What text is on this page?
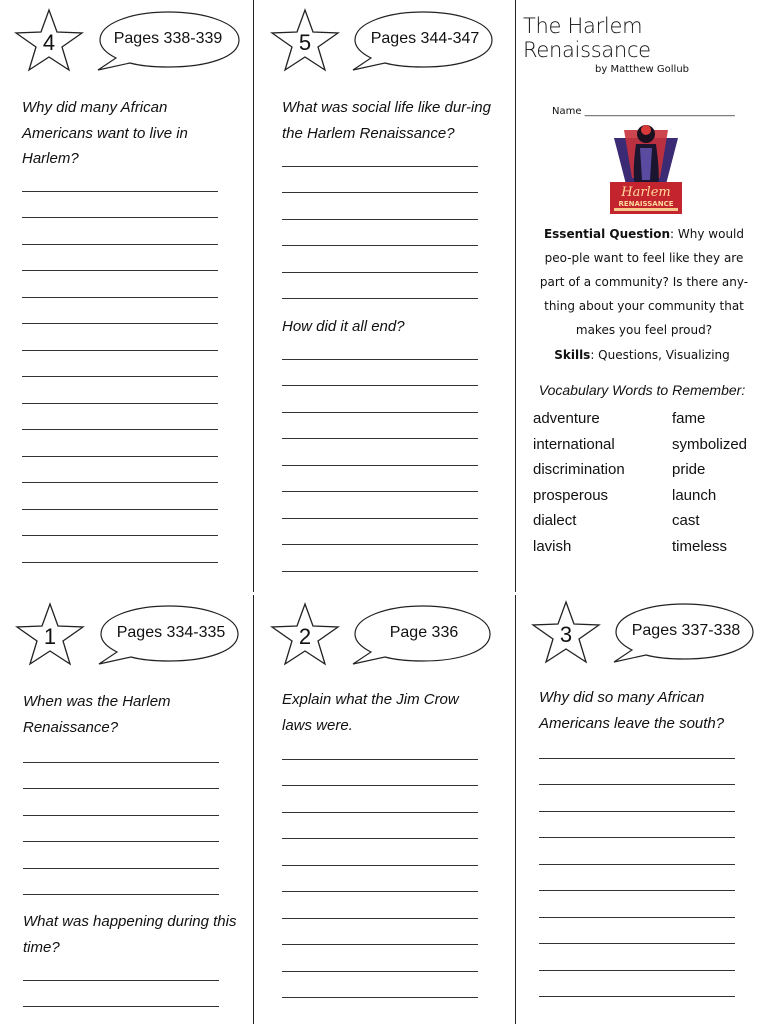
4	Pages 338-339
Why did many African Americans want to live in Harlem?
5	Pages 344-347
What was social life like dur-ing the Harlem Renaissance?
How did it all end?
The Harlem Renaissance
by Matthew Gollub
Name ______________________________
Harlem
RENAISSANCE
Essential Question: Why would peo-ple want to feel like they are part of a community? Is there any-thing about your community that makes you feel proud?
Skills: Questions, Visualizing
Vocabulary Words to Remember:
adventure	fame
international	symbolized
discrimination	pride
prosperous	launch
dialect	cast
lavish	timeless
1	Pages 334-335
When was the Harlem Renaissance?
What was happening during this time?
2	Page 336
Explain what the Jim Crow laws were.
3	Pages 337-338
Why did so many African Americans leave the south?
